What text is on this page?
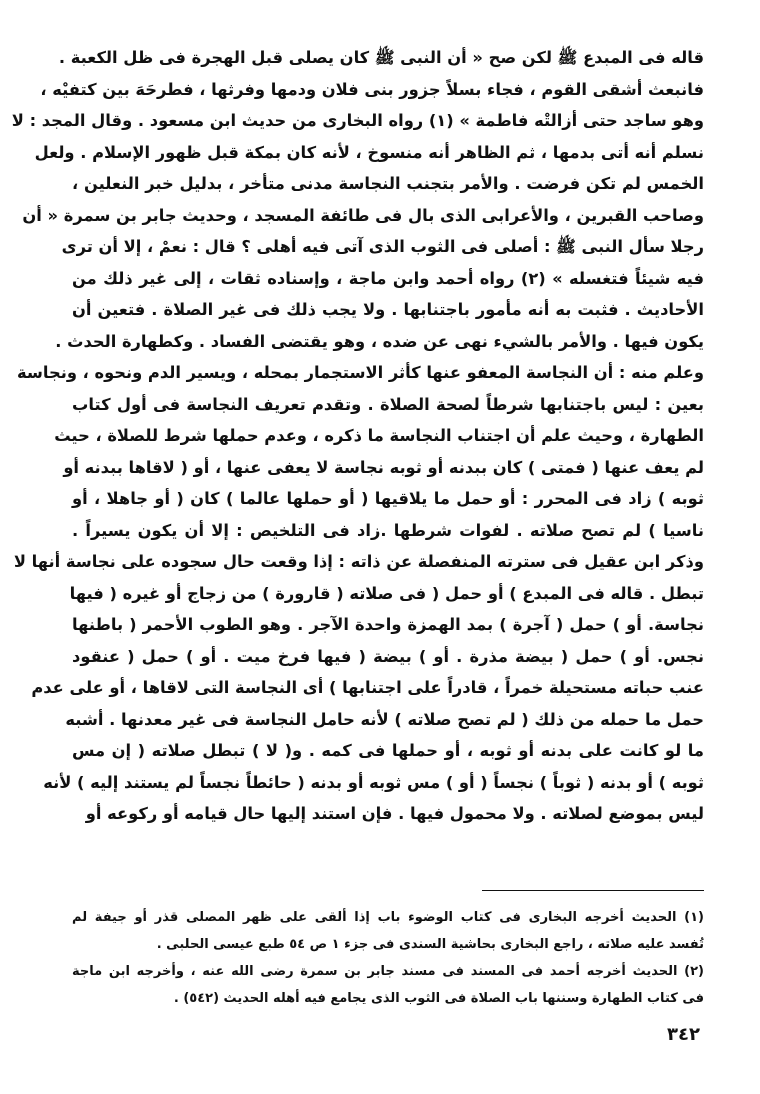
قاله فى المبدع ﷺ لكن صح « أن النبى ﷺ كان يصلى قبل الهجرة فى ظل الكعبة .
فانبعث أشقى القوم ، فجاء بسلاً جزور بنى فلان ودمها وفرثها ، فطرحَهَ بين كتفيْه ،
وهو ساجد حتى أزالتْه فاطمة » (١) رواه البخارى من حديث ابن مسعود . وقال المجد : لا
نسلم أنه أتى بدمها ، ثم الظاهر أنه منسوخ ، لأنه كان بمكة قبل ظهور الإسلام . ولعل
الخمس لم تكن فرضت . والأمر بتجنب النجاسة مدنى متأخر ، بدليل خبر النعلين ،
وصاحب القبرين ، والأعرابى الذى بال فى طائفة المسجد ، وحديث جابر بن سمرة « أن
رجلا سأل النبى ﷺ : أصلى فى الثوب الذى آتى فيه أهلى ؟ قال : نعمْ ، إلا أن ترى
فيه شيئاً فتغسله » (٢) رواه أحمد وابن ماجة ، وإسناده ثقات ، إلى غير ذلك من
الأحاديث . فثبت به أنه مأمور باجتنابها . ولا يجب ذلك فى غير الصلاة . فتعين أن
يكون فيها . والأمر بالشيء نهى عن ضده ، وهو يقتضى الفساد . وكطهارة الحدث .
وعلم منه : أن النجاسة المعفو عنها كأثر الاستجمار بمحله ، ويسير الدم ونحوه ، ونجاسة
بعين : ليس باجتنابها شرطاً لصحة الصلاة . وتقدم تعريف النجاسة فى أول كتاب
الطهارة ، وحيث علم أن اجتناب النجاسة ما ذكره ، وعدم حملها شرط للصلاة ، حيث
لم يعف عنها ( فمتى ) كان ببدنه أو ثوبه نجاسة لا يعفى عنها ، أو ( لاقاها ببدنه أو
ثوبه ) زاد فى المحرر : أو حمل ما يلاقيها ( أو حملها عالما ) كان ( أو جاهلا ، أو
ناسيا ) لم تصح صلاته . لفوات شرطها .زاد فى التلخيص : إلا أن يكون يسيراً .
وذكر ابن عقيل فى سترته المنفصلة عن ذاته : إذا وقعت حال سجوده على نجاسة أنها لا
تبطل . قاله فى المبدع ) أو حمل ( فى صلاته ( قارورة ) من زجاج أو غيره ( فيها
نجاسة. أو ) حمل ( آجرة ) بمد الهمزة واحدة الآجر . وهو الطوب الأحمر ( باطنها
نجس. أو ) حمل ( بيضة مذرة . أو ) بيضة ( فيها فرخ ميت . أو ) حمل ( عنقود
عنب حباته مستحيلة خمراً ، قادراً على اجتنابها ) أى النجاسة التى لاقاها ، أو على عدم
حمل ما حمله من ذلك ( لم تصح صلاته ) لأنه حامل النجاسة فى غير معدنها . أشبه
ما لو كانت على بدنه أو ثوبه ، أو حملها فى كمه . و( لا ) تبطل صلاته ( إن مس
ثوبه ) أو بدنه ( ثوباً ) نجساً ( أو ) مس ثوبه أو بدنه ( حائطاً نجساً لم يستند إليه ) لأنه
ليس بموضع لصلاته . ولا محمول فيها . فإن استند إليها حال قيامه أو ركوعه أو
(١) الحديث أخرجه البخارى فى كتاب الوضوء باب إذا ألقى على ظهر المصلى قذر أو جيفة لم
تُفسد عليه صلاته ، راجع البخارى بحاشية السندى فى جزء ١ ص ٥٤ طبع عيسى الحلبى .
(٢) الحديث أخرجه أحمد فى المسند فى مسند جابر بن سمرة رضى الله عنه ، وأخرجه ابن ماجة
فى كتاب الطهارة وسننها باب الصلاة فى الثوب الذى يجامع فيه أهله الحديث (٥٤٢) .
٣٤٢
